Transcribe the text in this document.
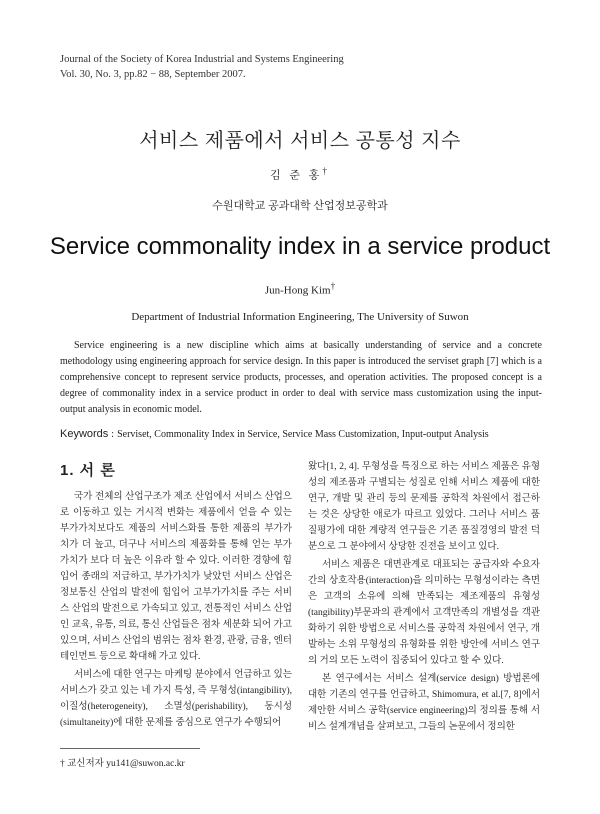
Journal of the Society of Korea Industrial and Systems Engineering
Vol. 30, No. 3, pp.82 − 88, September 2007.
서비스 제품에서 서비스 공통성 지수
김 준 홍†
수원대학교 공과대학 산업정보공학과
Service commonality index in a service product
Jun-Hong Kim†
Department of Industrial Information Engineering, The University of Suwon

Service engineering is a new discipline which aims at basically understanding of service and a concrete methodology using engineering approach for service design. In this paper is introduced the serviset graph [7] which is a comprehensive concept to represent service products, processes, and operation activities. The proposed concept is a degree of commonality index in a service product in order to deal with service mass customization using the input-output analysis in economic model.

Keywords : Serviset, Commonality Index in Service, Service Mass Customization, Input-output Analysis
1. 서 론

국가 전체의 산업구조가 제조 산업에서 서비스 산업으로 이동하고 있는 거시적 변화는 제품에서 얻을 수 있는 부가가치보다도 제품의 서비스화를 통한 제품의 부가가치가 더 높고, 더구나 서비스의 제품화를 통해 얻는 부가가치가 보다 더 높은 이유라 할 수 있다. 이러한 경향에 힘입어 종래의 저급하고, 부가가치가 낮았던 서비스 산업은 정보통신 산업의 발전에 힘입어 고부가가치를 주는 서비스 산업의 발전으로 가속되고 있고, 전통적인 서비스 산업인 교육, 유통, 의료, 통신 산업들은 점차 세분화 되어 가고 있으며, 서비스 산업의 범위는 점차 환경, 관광, 금융, 엔터테인먼트 등으로 확대해 가고 있다.

서비스에 대한 연구는 마케팅 분야에서 언급하고 있는 서비스가 갖고 있는 네 가지 특성, 즉 무형성(intangibility), 이질성(heterogeneity), 소멸성(perishability), 동시성(simultaneity)에 대한 문제를 중심으로 연구가 수행되어

왔다[1, 2, 4]. 무형성을 특징으로 하는 서비스 제품은 유형성의 제조품과 구별되는 성질로 인해 서비스 제품에 대한 연구, 개발 및 관리 등의 문제를 공학적 차원에서 접근하는 것은 상당한 애로가 따르고 있었다. 그러나 서비스 품질평가에 대한 계량적 연구들은 기존 품질경영의 발전 덕분으로 그 분야에서 상당한 진전을 보이고 있다.

서비스 제품은 대면관계로 대표되는 공급자와 수요자간의 상호작용(interaction)을 의미하는 무형성이라는 측면은 고객의 소유에 의해 만족되는 제조제품의 유형성(tangibility)부문과의 관계에서 고객만족의 개별성을 객관화하기 위한 방법으로 서비스를 공학적 차원에서 연구, 개발하는 소위 무형성의 유형화를 위한 방안에 서비스 연구의 거의 모든 노력이 집중되어 있다고 할 수 있다.

본 연구에서는 서비스 설계(service design) 방법론에 대한 기존의 연구를 언급하고, Shimomura, et al.[7, 8]에서 제안한 서비스 공학(service engineering)의 정의를 통해 서비스 설계개념을 살펴보고, 그들의 논문에서 정의한

† 교신저자 yu141@suwon.ac.kr
